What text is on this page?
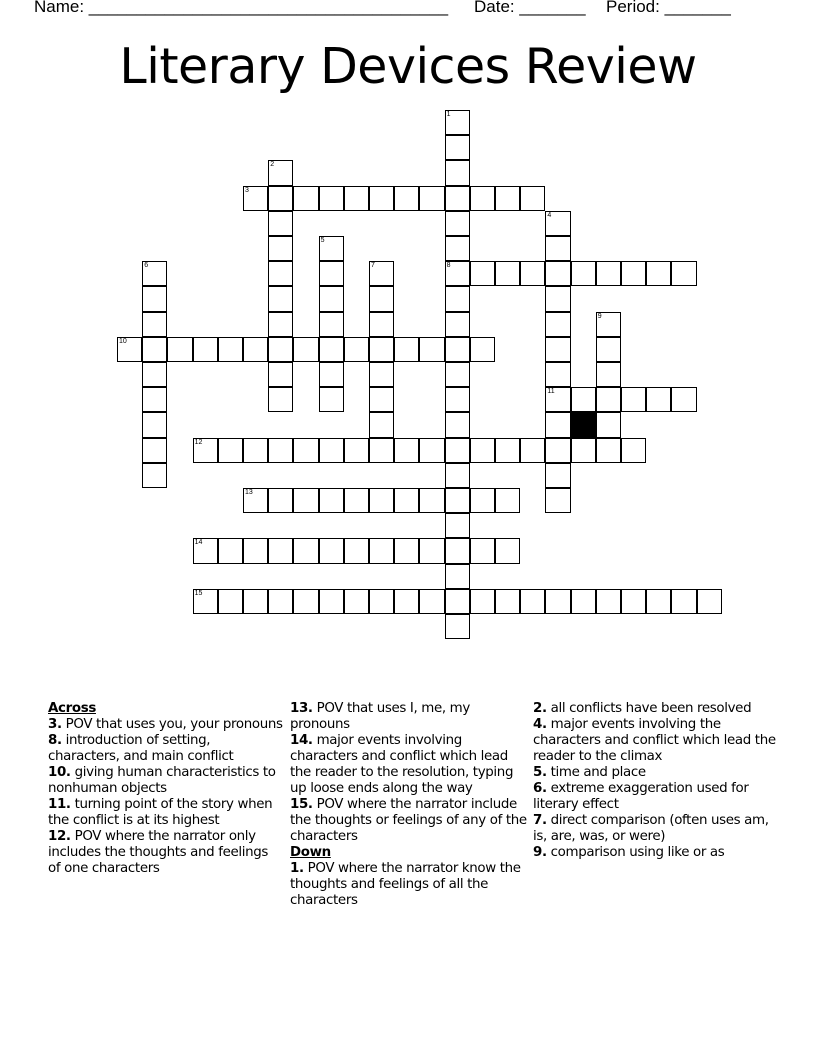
Name: ______________________________________ Date: _______ Period: _______
Literary Devices Review
1
8
2
3
4
11
5
6	7
9
10
12
13
14
15
Across
3. POV that uses you, your pronouns
8. introduction of setting, characters, and main conflict
10. giving human characteristics to nonhuman objects
11. turning point of the story when the conflict is at its highest
12. POV where the narrator only includes the thoughts and feelings of one characters
13. POV that uses I, me, my pronouns
14. major events involving characters and conflict which lead the reader to the resolution, typing up loose ends along the way
15. POV where the narrator include the thoughts or feelings of any of the characters
Down
1. POV where the narrator know the thoughts and feelings of all the characters
2. all conflicts have been resolved
4. major events involving the characters and conflict which lead the reader to the climax
5. time and place
6. extreme exaggeration used for literary effect
7. direct comparison (often uses am, is, are, was, or were)
9. comparison using like or as
